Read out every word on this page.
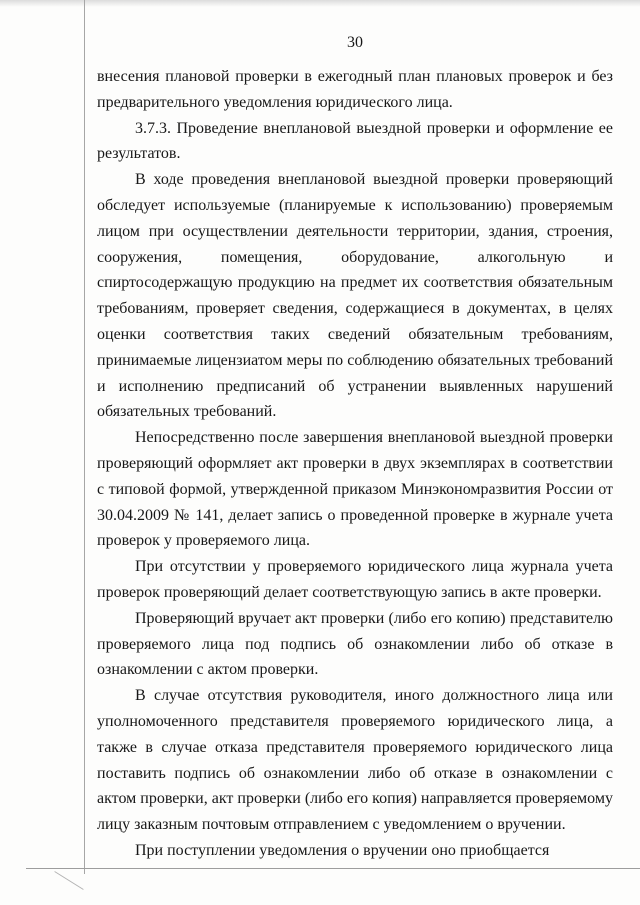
30

внесения плановой проверки в ежегодный план плановых проверок и без предварительного уведомления юридического лица.

3.7.3. Проведение внеплановой выездной проверки и оформление ее результатов.

В ходе проведения внеплановой выездной проверки проверяющий обследует используемые (планируемые к использованию) проверяемым лицом при осуществлении деятельности территории, здания, строения, сооружения, помещения, оборудование, алкогольную и спиртосодержащую продукцию на предмет их соответствия обязательным требованиям, проверяет сведения, содержащиеся в документах, в целях оценки соответствия таких сведений обязательным требованиям, принимаемые лицензиатом меры по соблюдению обязательных требований и исполнению предписаний об устранении выявленных нарушений обязательных требований.

Непосредственно после завершения внеплановой выездной проверки проверяющий оформляет акт проверки в двух экземплярах в соответствии с типовой формой, утвержденной приказом Минэкономразвития России от 30.04.2009 № 141, делает запись о проведенной проверке в журнале учета проверок у проверяемого лица.

При отсутствии у проверяемого юридического лица журнала учета проверок проверяющий делает соответствующую запись в акте проверки.

Проверяющий вручает акт проверки (либо его копию) представителю проверяемого лица под подпись об ознакомлении либо об отказе в ознакомлении с актом проверки.

В случае отсутствия руководителя, иного должностного лица или уполномоченного представителя проверяемого юридического лица, а также в случае отказа представителя проверяемого юридического лица поставить подпись об ознакомлении либо об отказе в ознакомлении с актом проверки, акт проверки (либо его копия) направляется проверяемому лицу заказным почтовым отправлением с уведомлением о вручении.

При поступлении уведомления о вручении оно приобщается
